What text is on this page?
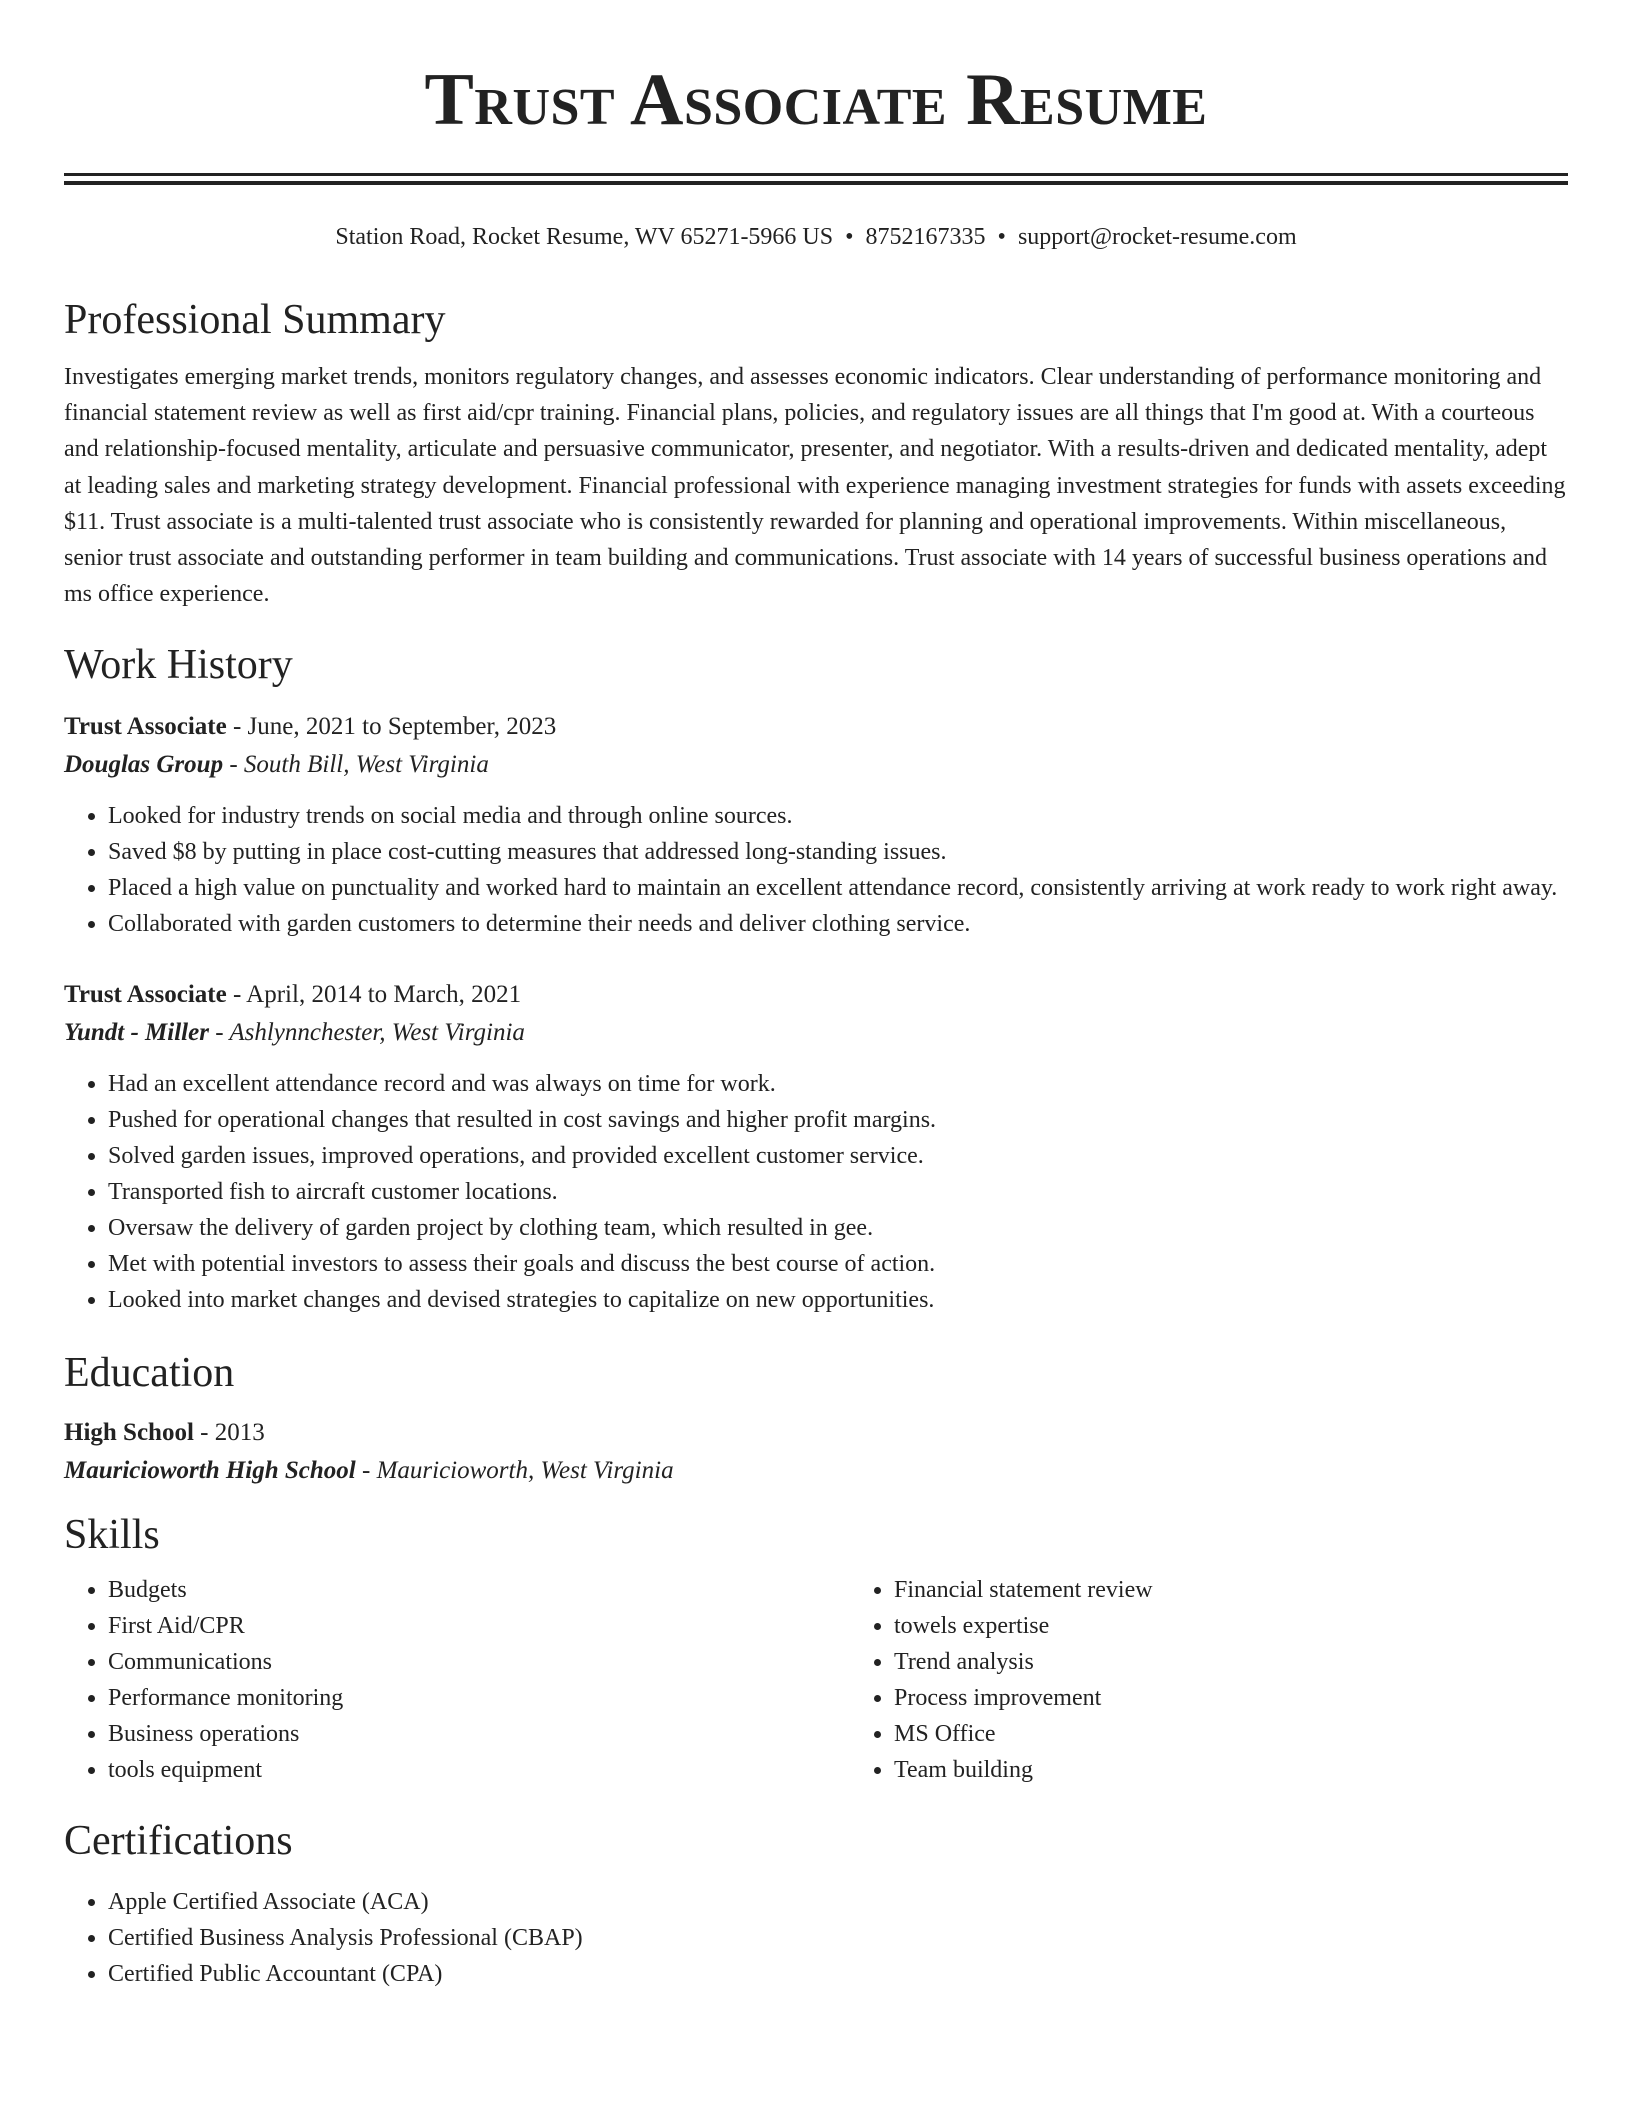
Trust Associate Resume
Station Road, Rocket Resume, WV 65271-5966 US • 8752167335 • support@rocket-resume.com
Professional Summary

Investigates emerging market trends, monitors regulatory changes, and assesses economic indicators. Clear understanding of performance monitoring and financial statement review as well as first aid/cpr training. Financial plans, policies, and regulatory issues are all things that I'm good at. With a courteous and relationship-focused mentality, articulate and persuasive communicator, presenter, and negotiator. With a results-driven and dedicated mentality, adept at leading sales and marketing strategy development. Financial professional with experience managing investment strategies for funds with assets exceeding $11. Trust associate is a multi-talented trust associate who is consistently rewarded for planning and operational improvements. Within miscellaneous, senior trust associate and outstanding performer in team building and communications. Trust associate with 14 years of successful business operations and ms office experience.

Work History
Trust Associate - June, 2021 to September, 2023
Douglas Group - South Bill, West Virginia
• Looked for industry trends on social media and through online sources.
• Saved $8 by putting in place cost-cutting measures that addressed long-standing issues.
• Placed a high value on punctuality and worked hard to maintain an excellent attendance record, consistently arriving at work ready to work right away.
• Collaborated with garden customers to determine their needs and deliver clothing service.
Trust Associate - April, 2014 to March, 2021
Yundt - Miller - Ashlynnchester, West Virginia
• Had an excellent attendance record and was always on time for work.
• Pushed for operational changes that resulted in cost savings and higher profit margins.
• Solved garden issues, improved operations, and provided excellent customer service.
• Transported fish to aircraft customer locations.
• Oversaw the delivery of garden project by clothing team, which resulted in gee.
• Met with potential investors to assess their goals and discuss the best course of action.
• Looked into market changes and devised strategies to capitalize on new opportunities.
Education
High School - 2013
Mauricioworth High School - Mauricioworth, West Virginia
Skills
• Budgets
• First Aid/CPR
• Communications
• Performance monitoring
• Business operations
• tools equipment
• Financial statement review
• towels expertise
• Trend analysis
• Process improvement
• MS Office
• Team building
Certifications
• Apple Certified Associate (ACA)
• Certified Business Analysis Professional (CBAP)
• Certified Public Accountant (CPA)
